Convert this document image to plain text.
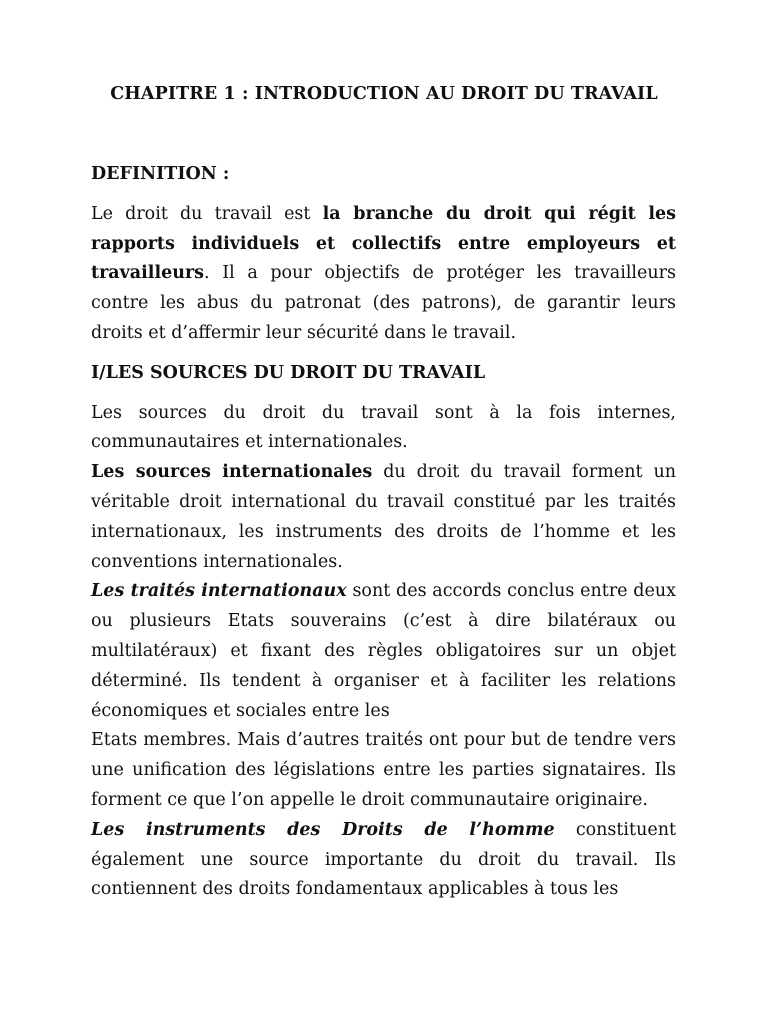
CHAPITRE 1 : INTRODUCTION AU DROIT DU TRAVAIL
DEFINITION :

Le droit du travail est la branche du droit qui régit les rapports individuels et collectifs entre employeurs et travailleurs. Il a pour objectifs de protéger les travailleurs contre les abus du patronat (des patrons), de garantir leurs droits et d’affermir leur sécurité dans le travail.

I/LES SOURCES DU DROIT DU TRAVAIL

Les sources du droit du travail sont à la fois internes, communautaires et internationales.

Les sources internationales du droit du travail forment un véritable droit international du travail constitué par les traités internationaux, les instruments des droits de l’homme et les conventions internationales.

Les traités internationaux sont des accords conclus entre deux ou plusieurs Etats souverains (c’est à dire bilatéraux ou multilatéraux) et fixant des règles obligatoires sur un objet déterminé. Ils tendent à organiser et à faciliter les relations économiques et sociales entre les

Etats membres. Mais d’autres traités ont pour but de tendre vers une unification des législations entre les parties signataires. Ils forment ce que l’on appelle le droit communautaire originaire.

Les instruments des Droits de l’homme constituent également une source importante du droit du travail. Ils contiennent des droits fondamentaux applicables à tous les
